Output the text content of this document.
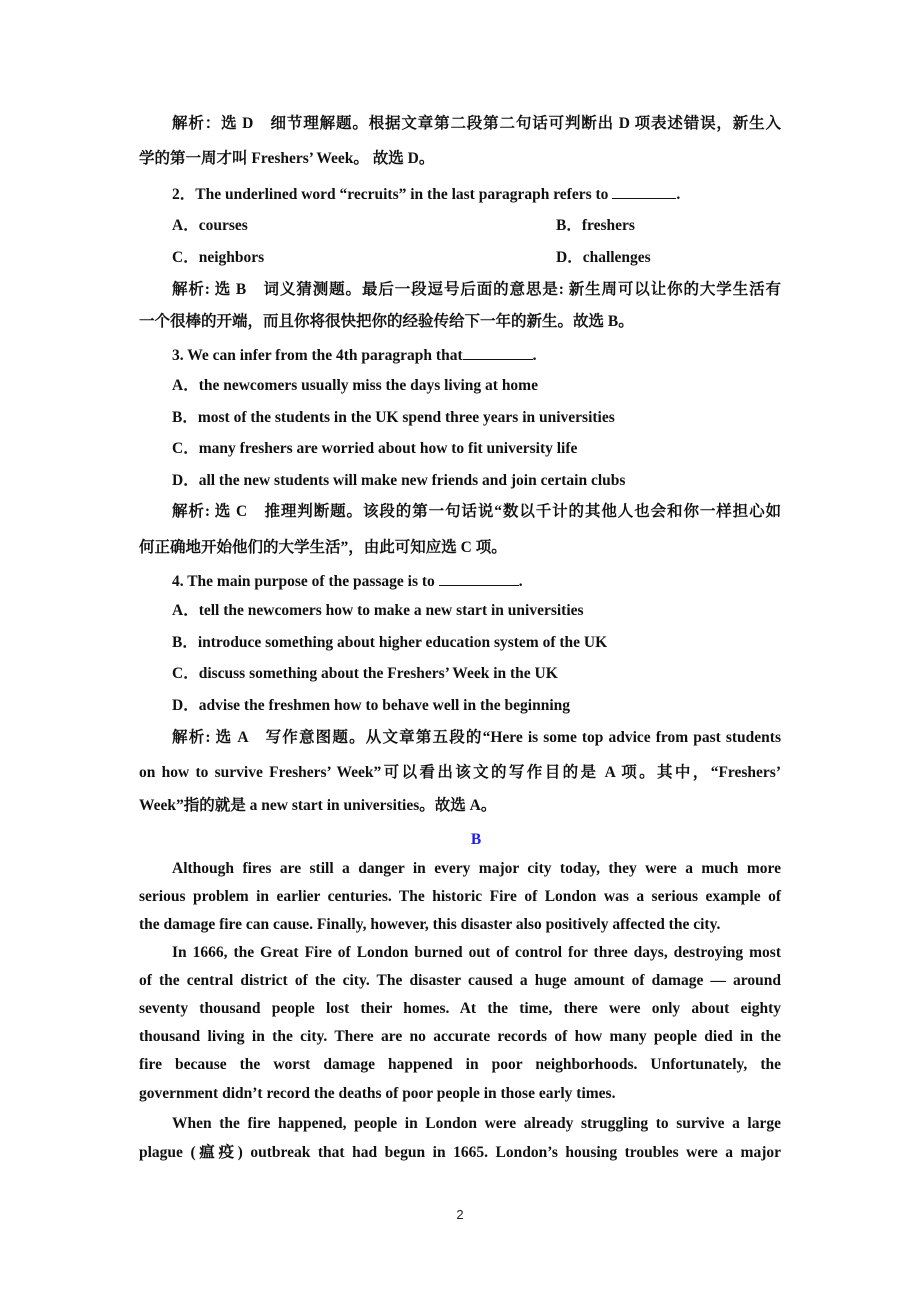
解析：选 D　细节理解题。根据文章第二段第二句话可判断出 D 项表述错误，新生入
学的第一周才叫 Freshers’ Week。 故选 D。
2．The underlined word “recruits” in the last paragraph refers to	.
A．courses	B．freshers
C．neighbors	D．challenges
解析: 选 B　词义猜测题。最后一段逗号后面的意思是: 新生周可以让你的大学生活有
一个很棒的开端，而且你将很快把你的经验传给下一年的新生。故选 B。
3. We can infer from the 4th paragraph that	.
A．the newcomers usually miss the days living at home
B．most of the students in the UK spend three years in universities
C．many freshers are worried about how to fit university life
D．all the new students will make new friends and join certain clubs
解析: 选 C　推理判断题。该段的第一句话说“数以千计的其他人也会和你一样担心如
何正确地开始他们的大学生活”，由此可知应选 C 项。
4. The main purpose of the passage is to	.
A．tell the newcomers how to make a new start in universities
B．introduce something about higher education system of the UK
C．discuss something about the Freshers’ Week in the UK
D．advise the freshmen how to behave well in the beginning
解析: 选 A　写作意图题。从文章第五段的“Here is some top advice from past students
on how to survive Freshers’ Week”可以看出该文的写作目的是 A 项。其中，“Freshers’
Week”指的就是 a new start in universities。故选 A。
B
Although fires are still a danger in every major city today, they were a much more
serious problem in earlier centuries. The historic Fire of London was a serious example of
the damage fire can cause. Finally, however, this disaster also positively affected the city.
In 1666, the Great Fire of London burned out of control for three days, destroying most
of the central district of the city. The disaster caused a huge amount of damage — around
seventy thousand people lost their homes. At the time, there were only about eighty
thousand living in the city. There are no accurate records of how many people died in the
fire because the worst damage happened in poor neighborhoods. Unfortunately, the
government didn’t record the deaths of poor people in those early times.
When the fire happened, people in London were already struggling to survive a large
plague (瘟疫) outbreak that had begun in 1665. London’s housing troubles were a major
2
